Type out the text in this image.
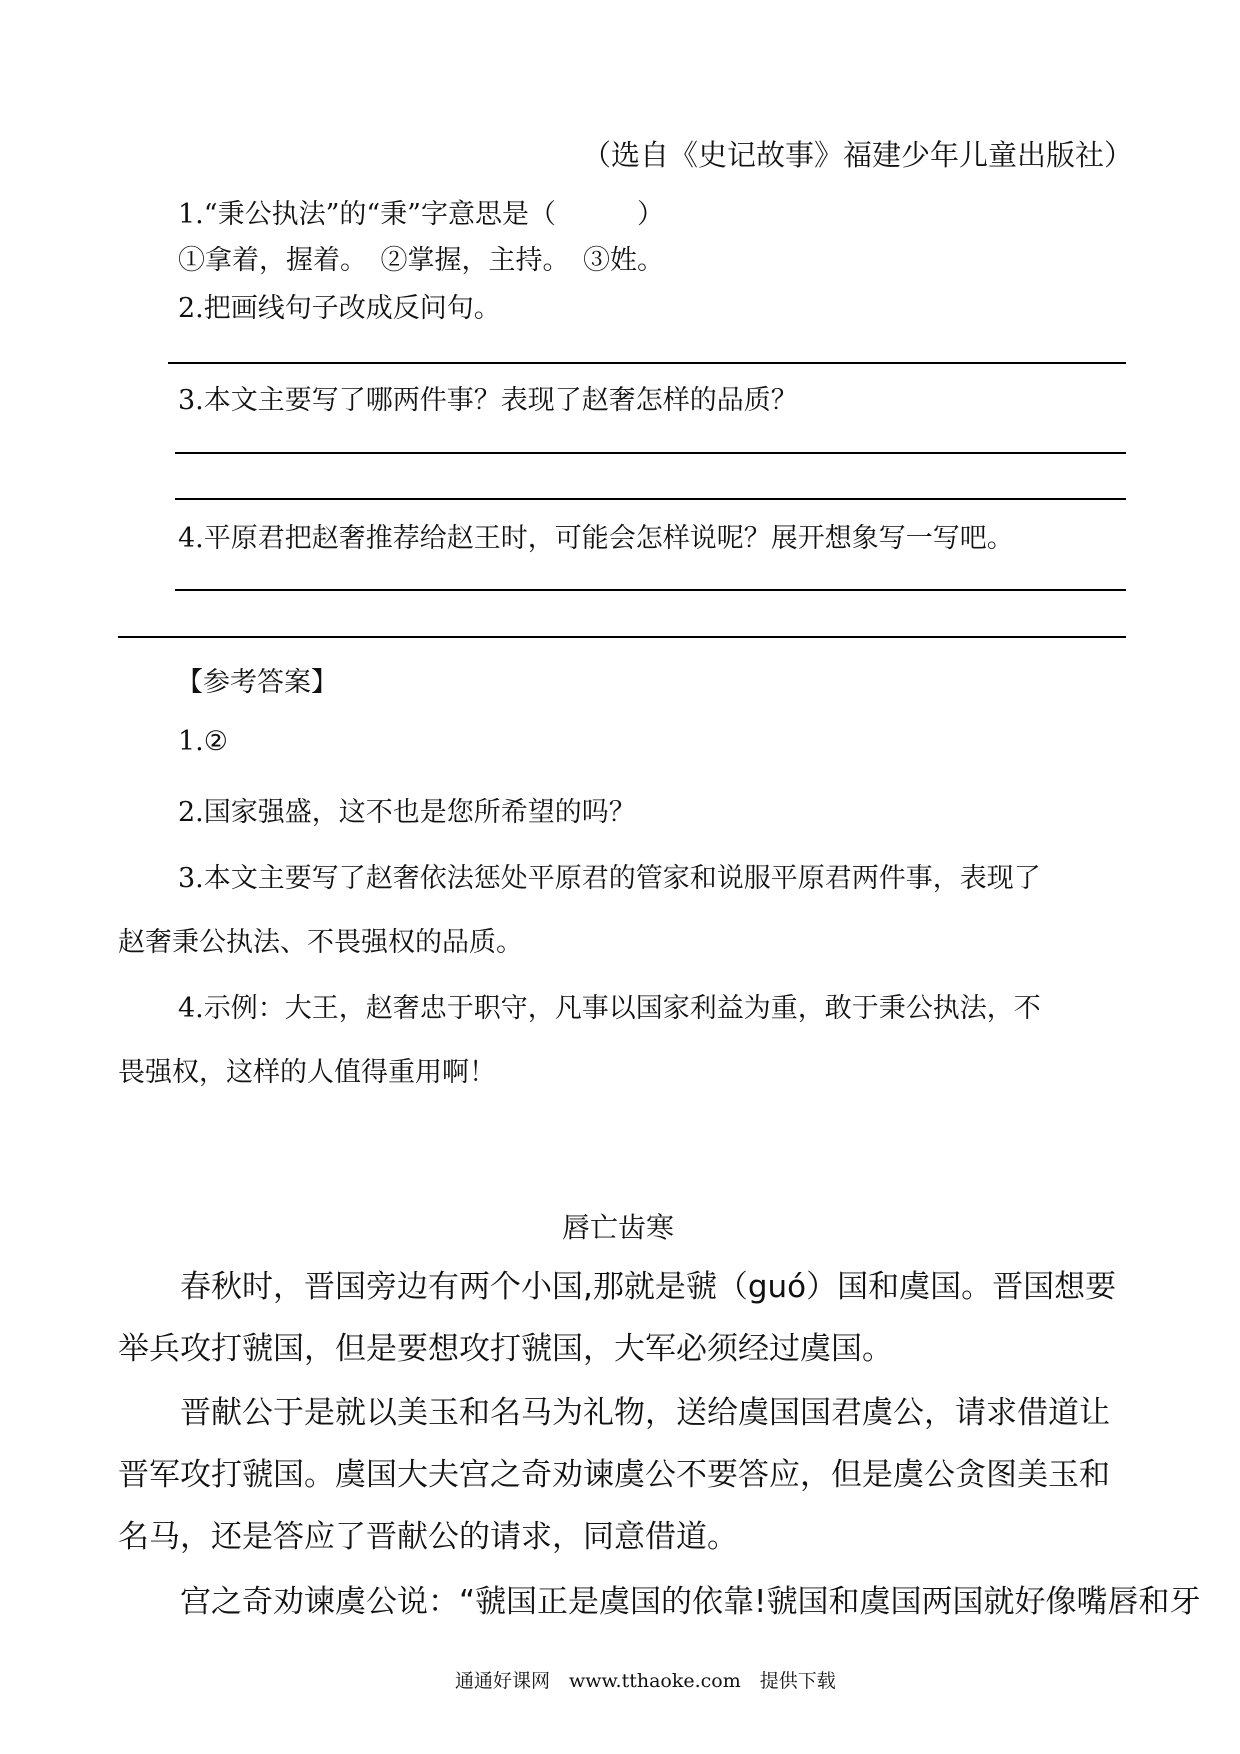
（选自《史记故事》福建少年儿童出版社）
1.“秉公执法”的“秉”字意思是（　　　）
①拿着，握着。　②掌握，主持。　③姓。
2.把画线句子改成反问句。
3.本文主要写了哪两件事？表现了赵奢怎样的品质？
4.平原君把赵奢推荐给赵王时，可能会怎样说呢？展开想象写一写吧。
【参考答案】
1.②
2.国家强盛，这不也是您所希望的吗？
3.本文主要写了赵奢依法惩处平原君的管家和说服平原君两件事，表现了
赵奢秉公执法、不畏强权的品质。
4.示例：大王，赵奢忠于职守，凡事以国家利益为重，敢于秉公执法，不
畏强权，这样的人值得重用啊！
唇亡齿寒
春秋时，晋国旁边有两个小国,那就是虢（guó）国和虞国。晋国想要举兵攻打虢国，但是要想攻打虢国，大军必须经过虞国。
晋献公于是就以美玉和名马为礼物，送给虞国国君虞公，请求借道让晋军攻打虢国。虞国大夫宫之奇劝谏虞公不要答应，但是虞公贪图美玉和名马，还是答应了晋献公的请求，同意借道。
宫之奇劝谏虞公说：“虢国正是虞国的依靠!虢国和虞国两国就好像嘴唇和牙
通通好课网　www.tthaoke.com　提供下载
